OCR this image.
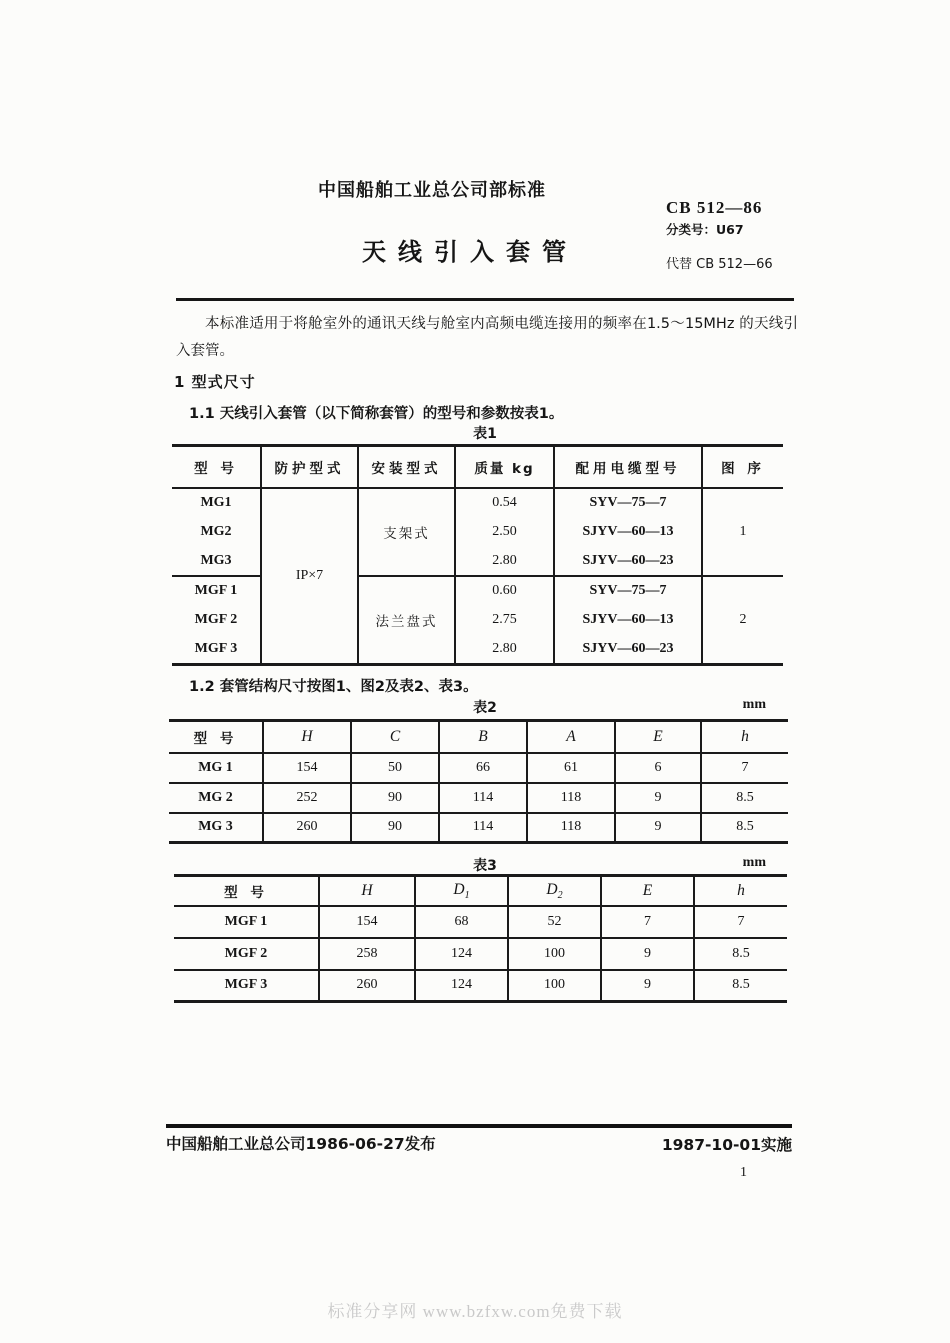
中国船舶工业总公司部标准
CB 512—86
分类号：U67
天线引入套管	代替 CB 512—66

本标准适用于将舱室外的通讯天线与舱室内高频电缆连接用的频率在1.5～15MHz 的天线引入套管。

1 型式尺寸
1.1 天线引入套管（以下简称套管）的型号和参数按表1。
表1
型 号	防护型式	安装型式	质量 kg	配用电缆型号	图 序
MG1	IP×7	支架式	0.54	SYV—75—7	1
MG2			2.50	SJYV—60—13	
MG3			2.80	SJYV—60—23	
MGF 1		法兰盘式	0.60	SYV—75—7	2
MGF 2			2.75	SJYV—60—13	
MGF 3			2.80	SJYV—60—23	
1.2 套管结构尺寸按图1、图2及表2、表3。
表2	mm
型 号	H	C	B	A	E	h
MG 1	154	50	66	61	6	7
MG 2	252	90	114	118	9	8.5
MG 3	260	90	114	118	9	8.5
表3	mm
型 号	H	$D_1$	$D_2$	E	h
MGF 1	154	68	52	7	7
MGF 2	258	124	100	9	8.5
MGF 3	260	124	100	9	8.5
中国船舶工业总公司1986-06-27发布	1987-10-01实施
1
标准分享网 www.bzfxw.com免费下载
